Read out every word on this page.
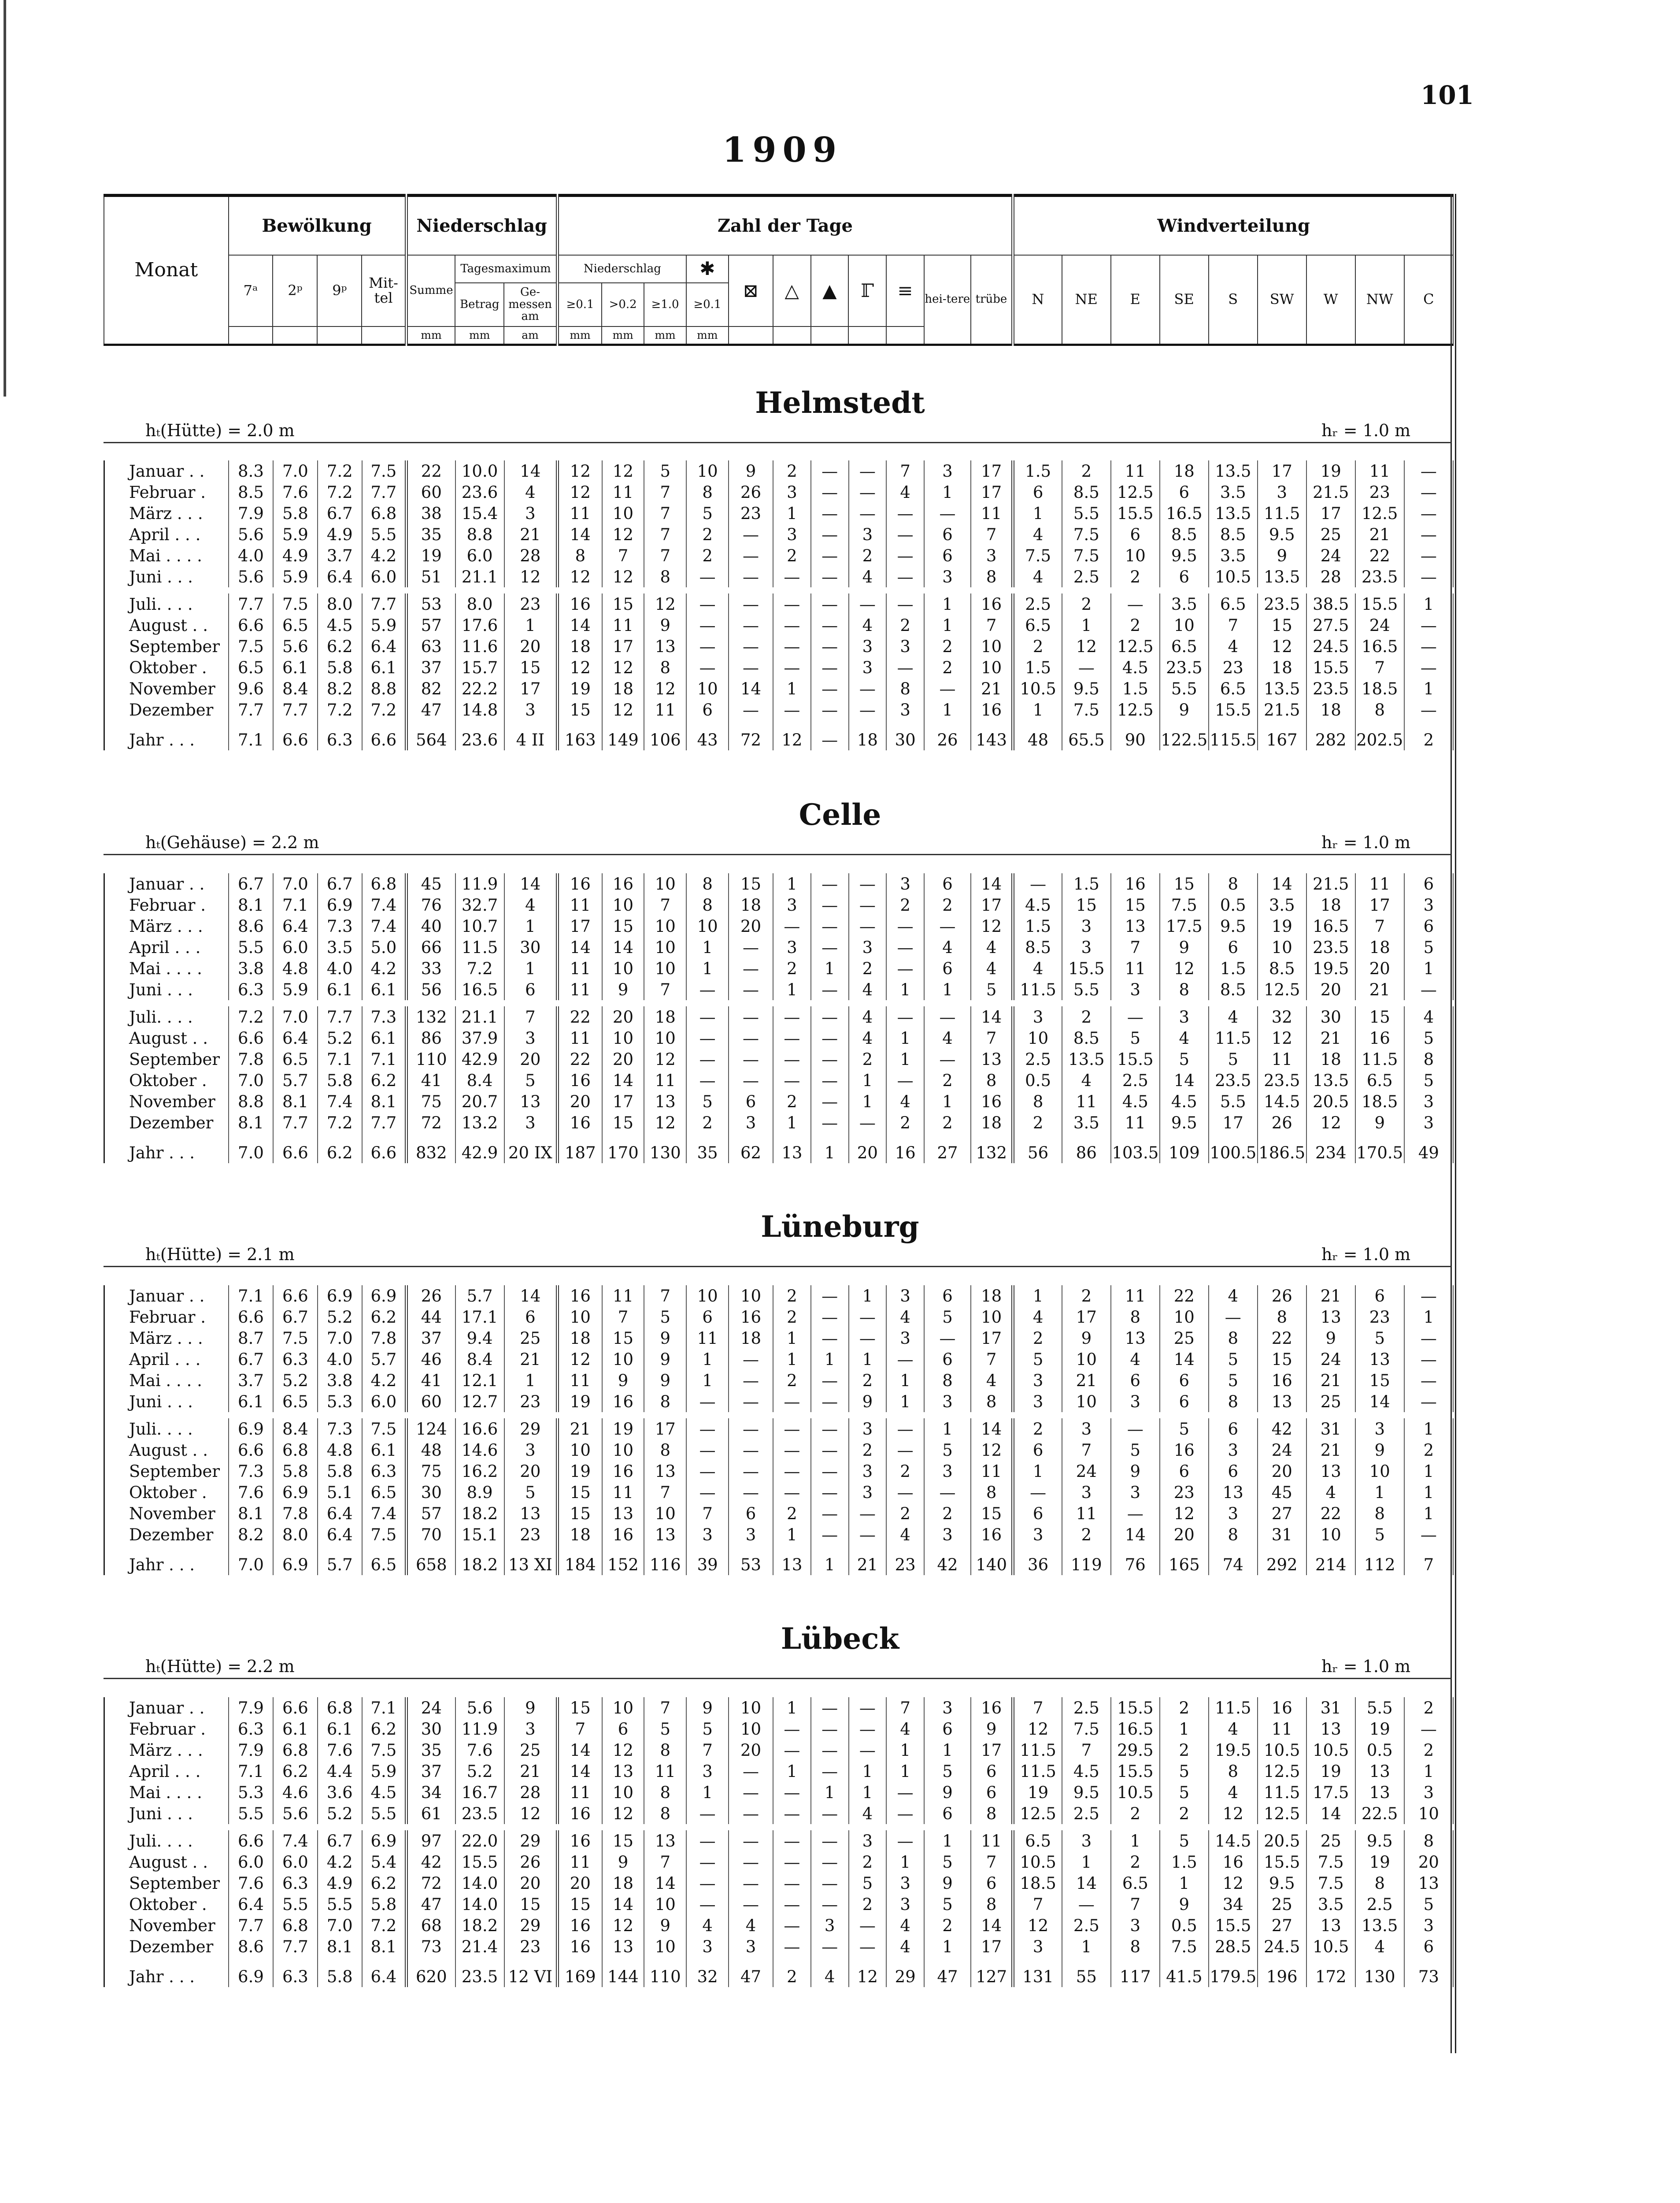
101
1909
Monat	Bewölkung				Niederschlag			Zahl der Tage											Windverteilung								
	7ᵃ	2ᵖ	9ᵖ	Mit-tel	Summe	Tagesmaximum		Niederschlag			✱	⊠	△	▲	ℾ	≡	hei-tere	trübe	N	NE	E	SE	S	SW	W	NW	C
						Betrag	Ge-messen am	≥0.1	>0.2	≥1.0	≥0.1																
					mm	mm	am	mm	mm	mm	mm																
Helmstedt
hₜ(Hütte) = 2.0 m	hᵣ = 1.0 m
Januar . .	8.3	7.0	7.2	7.5	22	10.0	14	12	12	5	10	9	2	—	—	7	3	17	1.5	2	11	18	13.5	17	19	11	—
Februar .	8.5	7.6	7.2	7.7	60	23.6	4	12	11	7	8	26	3	—	—	4	1	17	6	8.5	12.5	6	3.5	3	21.5	23	—
März . . .	7.9	5.8	6.7	6.8	38	15.4	3	11	10	7	5	23	1	—	—	—	—	11	1	5.5	15.5	16.5	13.5	11.5	17	12.5	—
April . . .	5.6	5.9	4.9	5.5	35	8.8	21	14	12	7	2	—	3	—	3	—	6	7	4	7.5	6	8.5	8.5	9.5	25	21	—
Mai . . . .	4.0	4.9	3.7	4.2	19	6.0	28	8	7	7	2	—	2	—	2	—	6	3	7.5	7.5	10	9.5	3.5	9	24	22	—
Juni . . .	5.6	5.9	6.4	6.0	51	21.1	12	12	12	8	—	—	—	—	4	—	3	8	4	2.5	2	6	10.5	13.5	28	23.5	—

Juli. . . .	7.7	7.5	8.0	7.7	53	8.0	23	16	15	12	—	—	—	—	—	—	1	16	2.5	2	—	3.5	6.5	23.5	38.5	15.5	1
August . .	6.6	6.5	4.5	5.9	57	17.6	1	14	11	9	—	—	—	—	4	2	1	7	6.5	1	2	10	7	15	27.5	24	—
September	7.5	5.6	6.2	6.4	63	11.6	20	18	17	13	—	—	—	—	3	3	2	10	2	12	12.5	6.5	4	12	24.5	16.5	—
Oktober .	6.5	6.1	5.8	6.1	37	15.7	15	12	12	8	—	—	—	—	3	—	2	10	1.5	—	4.5	23.5	23	18	15.5	7	—
November	9.6	8.4	8.2	8.8	82	22.2	17	19	18	12	10	14	1	—	—	8	—	21	10.5	9.5	1.5	5.5	6.5	13.5	23.5	18.5	1
Dezember	7.7	7.7	7.2	7.2	47	14.8	3	15	12	11	6	—	—	—	—	3	1	16	1	7.5	12.5	9	15.5	21.5	18	8	—
Jahr . . .	7.1	6.6	6.3	6.6	564	23.6	4 II	163	149	106	43	72	12	—	18	30	26	143	48	65.5	90	122.5	115.5	167	282	202.5	2
Celle
hₜ(Gehäuse) = 2.2 m	hᵣ = 1.0 m
Januar . .	6.7	7.0	6.7	6.8	45	11.9	14	16	16	10	8	15	1	—	—	3	6	14	—	1.5	16	15	8	14	21.5	11	6
Februar .	8.1	7.1	6.9	7.4	76	32.7	4	11	10	7	8	18	3	—	—	2	2	17	4.5	15	15	7.5	0.5	3.5	18	17	3
März . . .	8.6	6.4	7.3	7.4	40	10.7	1	17	15	10	10	20	—	—	—	—	—	12	1.5	3	13	17.5	9.5	19	16.5	7	6
April . . .	5.5	6.0	3.5	5.0	66	11.5	30	14	14	10	1	—	3	—	3	—	4	4	8.5	3	7	9	6	10	23.5	18	5
Mai . . . .	3.8	4.8	4.0	4.2	33	7.2	1	11	10	10	1	—	2	1	2	—	6	4	4	15.5	11	12	1.5	8.5	19.5	20	1
Juni . . .	6.3	5.9	6.1	6.1	56	16.5	6	11	9	7	—	—	1	—	4	1	1	5	11.5	5.5	3	8	8.5	12.5	20	21	—

Juli. . . .	7.2	7.0	7.7	7.3	132	21.1	7	22	20	18	—	—	—	—	4	—	—	14	3	2	—	3	4	32	30	15	4
August . .	6.6	6.4	5.2	6.1	86	37.9	3	11	10	10	—	—	—	—	4	1	4	7	10	8.5	5	4	11.5	12	21	16	5
September	7.8	6.5	7.1	7.1	110	42.9	20	22	20	12	—	—	—	—	2	1	—	13	2.5	13.5	15.5	5	5	11	18	11.5	8
Oktober .	7.0	5.7	5.8	6.2	41	8.4	5	16	14	11	—	—	—	—	1	—	2	8	0.5	4	2.5	14	23.5	23.5	13.5	6.5	5
November	8.8	8.1	7.4	8.1	75	20.7	13	20	17	13	5	6	2	—	1	4	1	16	8	11	4.5	4.5	5.5	14.5	20.5	18.5	3
Dezember	8.1	7.7	7.2	7.7	72	13.2	3	16	15	12	2	3	1	—	—	2	2	18	2	3.5	11	9.5	17	26	12	9	3
Jahr . . .	7.0	6.6	6.2	6.6	832	42.9	20 IX	187	170	130	35	62	13	1	20	16	27	132	56	86	103.5	109	100.5	186.5	234	170.5	49
Lüneburg
hₜ(Hütte) = 2.1 m	hᵣ = 1.0 m
Januar . .	7.1	6.6	6.9	6.9	26	5.7	14	16	11	7	10	10	2	—	1	3	6	18	1	2	11	22	4	26	21	6	—
Februar .	6.6	6.7	5.2	6.2	44	17.1	6	10	7	5	6	16	2	—	—	4	5	10	4	17	8	10	—	8	13	23	1
März . . .	8.7	7.5	7.0	7.8	37	9.4	25	18	15	9	11	18	1	—	—	3	—	17	2	9	13	25	8	22	9	5	—
April . . .	6.7	6.3	4.0	5.7	46	8.4	21	12	10	9	1	—	1	1	1	—	6	7	5	10	4	14	5	15	24	13	—
Mai . . . .	3.7	5.2	3.8	4.2	41	12.1	1	11	9	9	1	—	2	—	2	1	8	4	3	21	6	6	5	16	21	15	—
Juni . . .	6.1	6.5	5.3	6.0	60	12.7	23	19	16	8	—	—	—	—	9	1	3	8	3	10	3	6	8	13	25	14	—

Juli. . . .	6.9	8.4	7.3	7.5	124	16.6	29	21	19	17	—	—	—	—	3	—	1	14	2	3	—	5	6	42	31	3	1
August . .	6.6	6.8	4.8	6.1	48	14.6	3	10	10	8	—	—	—	—	2	—	5	12	6	7	5	16	3	24	21	9	2
September	7.3	5.8	5.8	6.3	75	16.2	20	19	16	13	—	—	—	—	3	2	3	11	1	24	9	6	6	20	13	10	1
Oktober .	7.6	6.9	5.1	6.5	30	8.9	5	15	11	7	—	—	—	—	3	—	—	8	—	3	3	23	13	45	4	1	1
November	8.1	7.8	6.4	7.4	57	18.2	13	15	13	10	7	6	2	—	—	2	2	15	6	11	—	12	3	27	22	8	1
Dezember	8.2	8.0	6.4	7.5	70	15.1	23	18	16	13	3	3	1	—	—	4	3	16	3	2	14	20	8	31	10	5	—
Jahr . . .	7.0	6.9	5.7	6.5	658	18.2	13 XI	184	152	116	39	53	13	1	21	23	42	140	36	119	76	165	74	292	214	112	7
Lübeck
hₜ(Hütte) = 2.2 m	hᵣ = 1.0 m
Januar . .	7.9	6.6	6.8	7.1	24	5.6	9	15	10	7	9	10	1	—	—	7	3	16	7	2.5	15.5	2	11.5	16	31	5.5	2
Februar .	6.3	6.1	6.1	6.2	30	11.9	3	7	6	5	5	10	—	—	—	4	6	9	12	7.5	16.5	1	4	11	13	19	—
März . . .	7.9	6.8	7.6	7.5	35	7.6	25	14	12	8	7	20	—	—	—	1	1	17	11.5	7	29.5	2	19.5	10.5	10.5	0.5	2
April . . .	7.1	6.2	4.4	5.9	37	5.2	21	14	13	11	3	—	1	—	1	1	5	6	11.5	4.5	15.5	5	8	12.5	19	13	1
Mai . . . .	5.3	4.6	3.6	4.5	34	16.7	28	11	10	8	1	—	—	1	1	—	9	6	19	9.5	10.5	5	4	11.5	17.5	13	3
Juni . . .	5.5	5.6	5.2	5.5	61	23.5	12	16	12	8	—	—	—	—	4	—	6	8	12.5	2.5	2	2	12	12.5	14	22.5	10

Juli. . . .	6.6	7.4	6.7	6.9	97	22.0	29	16	15	13	—	—	—	—	3	—	1	11	6.5	3	1	5	14.5	20.5	25	9.5	8
August . .	6.0	6.0	4.2	5.4	42	15.5	26	11	9	7	—	—	—	—	2	1	5	7	10.5	1	2	1.5	16	15.5	7.5	19	20
September	7.6	6.3	4.9	6.2	72	14.0	20	20	18	14	—	—	—	—	5	3	9	6	18.5	14	6.5	1	12	9.5	7.5	8	13
Oktober .	6.4	5.5	5.5	5.8	47	14.0	15	15	14	10	—	—	—	—	2	3	5	8	7	—	7	9	34	25	3.5	2.5	5
November	7.7	6.8	7.0	7.2	68	18.2	29	16	12	9	4	4	—	3	—	4	2	14	12	2.5	3	0.5	15.5	27	13	13.5	3
Dezember	8.6	7.7	8.1	8.1	73	21.4	23	16	13	10	3	3	—	—	—	4	1	17	3	1	8	7.5	28.5	24.5	10.5	4	6
Jahr . . .	6.9	6.3	5.8	6.4	620	23.5	12 VI	169	144	110	32	47	2	4	12	29	47	127	131	55	117	41.5	179.5	196	172	130	73
